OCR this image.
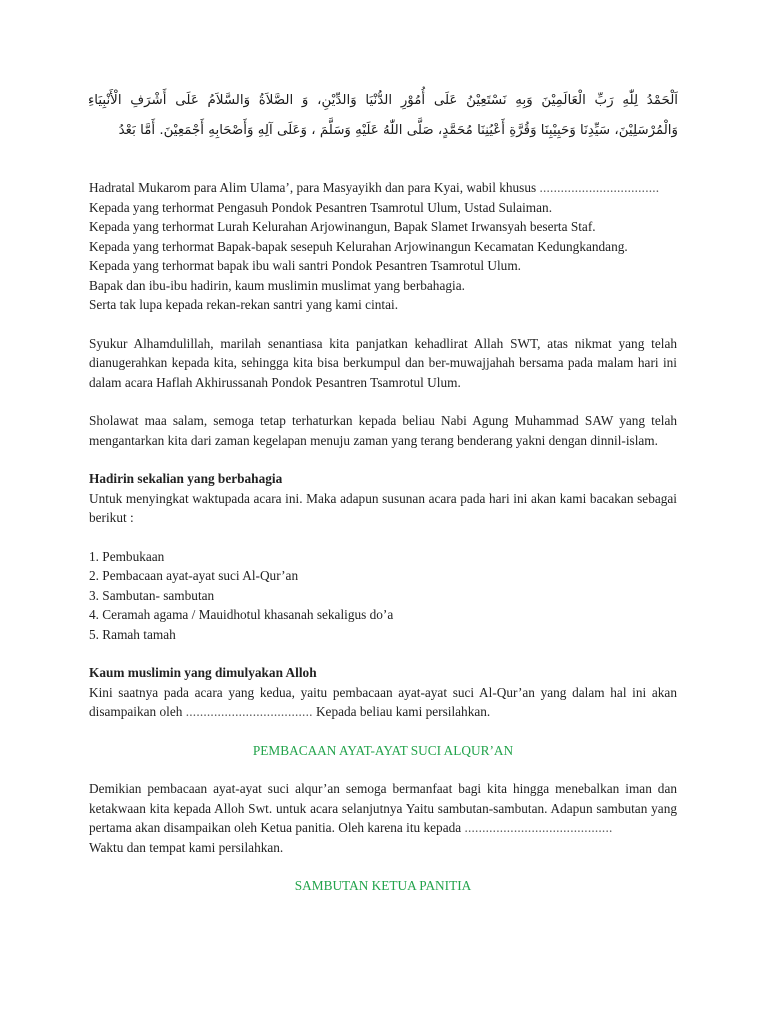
اَلْحَمْدُ لِلّٰهِ رَبِّ الْعَالَمِيْنَ وَبِهِ نَسْتَعِيْنُ عَلَى أُمُوْرِ الدُّنْيَا وَالدِّيْنِ، وَ الصَّلاَةُ وَالسَّلاَمُ عَلَى أَشْرَفِ الْأَنْبِيَاءِ وَالْمُرْسَلِيْنَ، سَيِّدِنَا وَحَبِيْبِنَا وَقُرَّةِ أَعْيُنِنَا مُحَمَّدٍ، صَلَّى اللّٰهُ عَلَيْهِ وَسَلَّمَ ، وَعَلَى آلِهِ وَأَصْحَابِهِ أَجْمَعِيْنَ. أَمَّا بَعْدُ

Hadratal Mukarom para Alim Ulama’, para Masyayikh dan para Kyai, wabil khusus ..................................

Kepada yang terhormat Pengasuh Pondok Pesantren Tsamrotul Ulum, Ustad Sulaiman.

Kepada yang terhormat Lurah Kelurahan Arjowinangun, Bapak Slamet Irwansyah beserta Staf.

Kepada yang terhormat Bapak-bapak sesepuh Kelurahan Arjowinangun Kecamatan Kedungkandang.

Kepada yang terhormat bapak ibu wali santri Pondok Pesantren Tsamrotul Ulum.

Bapak dan ibu-ibu hadirin, kaum muslimin muslimat yang berbahagia.

Serta tak lupa kepada rekan-rekan santri yang kami cintai.

Syukur Alhamdulillah, marilah senantiasa kita panjatkan kehadlirat Allah SWT, atas nikmat yang telah dianugerahkan kepada kita, sehingga kita bisa berkumpul dan ber-muwajjahah bersama pada malam hari ini dalam acara Haflah Akhirussanah Pondok Pesantren Tsamrotul Ulum.

Sholawat maa salam, semoga tetap terhaturkan kepada beliau Nabi Agung Muhammad SAW yang telah mengantarkan kita dari zaman kegelapan menuju zaman yang terang benderang yakni dengan dinnil-islam.

Hadirin sekalian yang berbahagia

Untuk menyingkat waktupada acara ini. Maka adapun susunan acara pada hari ini akan kami bacakan sebagai berikut :

1. Pembukaan
2. Pembacaan ayat-ayat suci Al-Qur’an
3. Sambutan- sambutan
4. Ceramah agama / Mauidhotul khasanah sekaligus do’a
5. Ramah tamah

Kaum muslimin yang dimulyakan Alloh

Kini saatnya pada acara yang kedua, yaitu pembacaan ayat-ayat suci Al-Qur’an yang dalam hal ini akan disampaikan oleh .................................... Kepada beliau kami persilahkan.

PEMBACAAN AYAT-AYAT SUCI ALQUR’AN

Demikian pembacaan ayat-ayat suci alqur’an semoga bermanfaat bagi kita hingga menebalkan iman dan ketakwaan kita kepada Alloh Swt. untuk acara selanjutnya Yaitu sambutan-sambutan. Adapun sambutan yang pertama akan disampaikan oleh Ketua panitia. Oleh karena itu kepada ..........................................
Waktu dan tempat kami persilahkan.

SAMBUTAN KETUA PANITIA
